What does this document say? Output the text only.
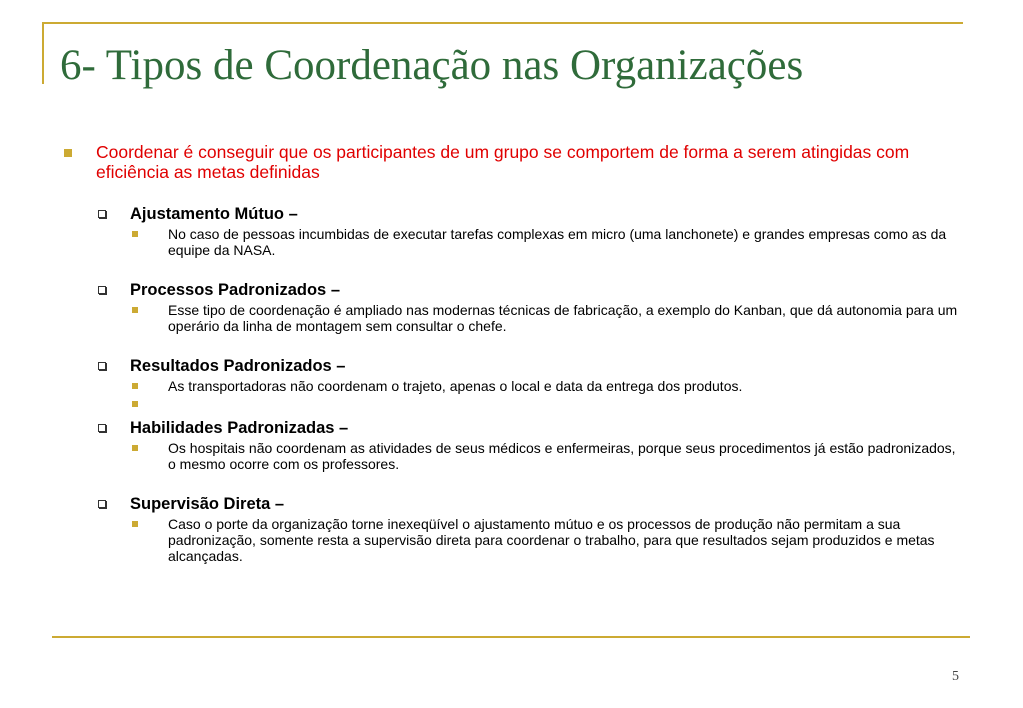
6- Tipos de Coordenação nas Organizações
Coordenar é conseguir que os participantes de um grupo se comportem de forma a serem atingidas com eficiência as metas definidas
Ajustamento Mútuo –
No caso de pessoas incumbidas de executar tarefas complexas em micro (uma lanchonete) e grandes empresas como as da equipe da NASA.
Processos Padronizados –
Esse tipo de coordenação é ampliado nas modernas técnicas de fabricação, a exemplo do Kanban, que dá autonomia para um operário da linha de montagem sem consultar o chefe.
Resultados Padronizados –
As transportadoras não coordenam o trajeto, apenas o local e data da entrega dos produtos.
Habilidades Padronizadas –
Os hospitais não coordenam as atividades de seus médicos e enfermeiras, porque seus procedimentos já estão padronizados, o mesmo ocorre com os professores.
Supervisão Direta –
Caso o porte da organização torne inexeqüível o ajustamento mútuo e os processos de produção não permitam a sua padronização, somente resta a supervisão direta para coordenar o trabalho, para que resultados sejam produzidos e metas alcançadas.
5
